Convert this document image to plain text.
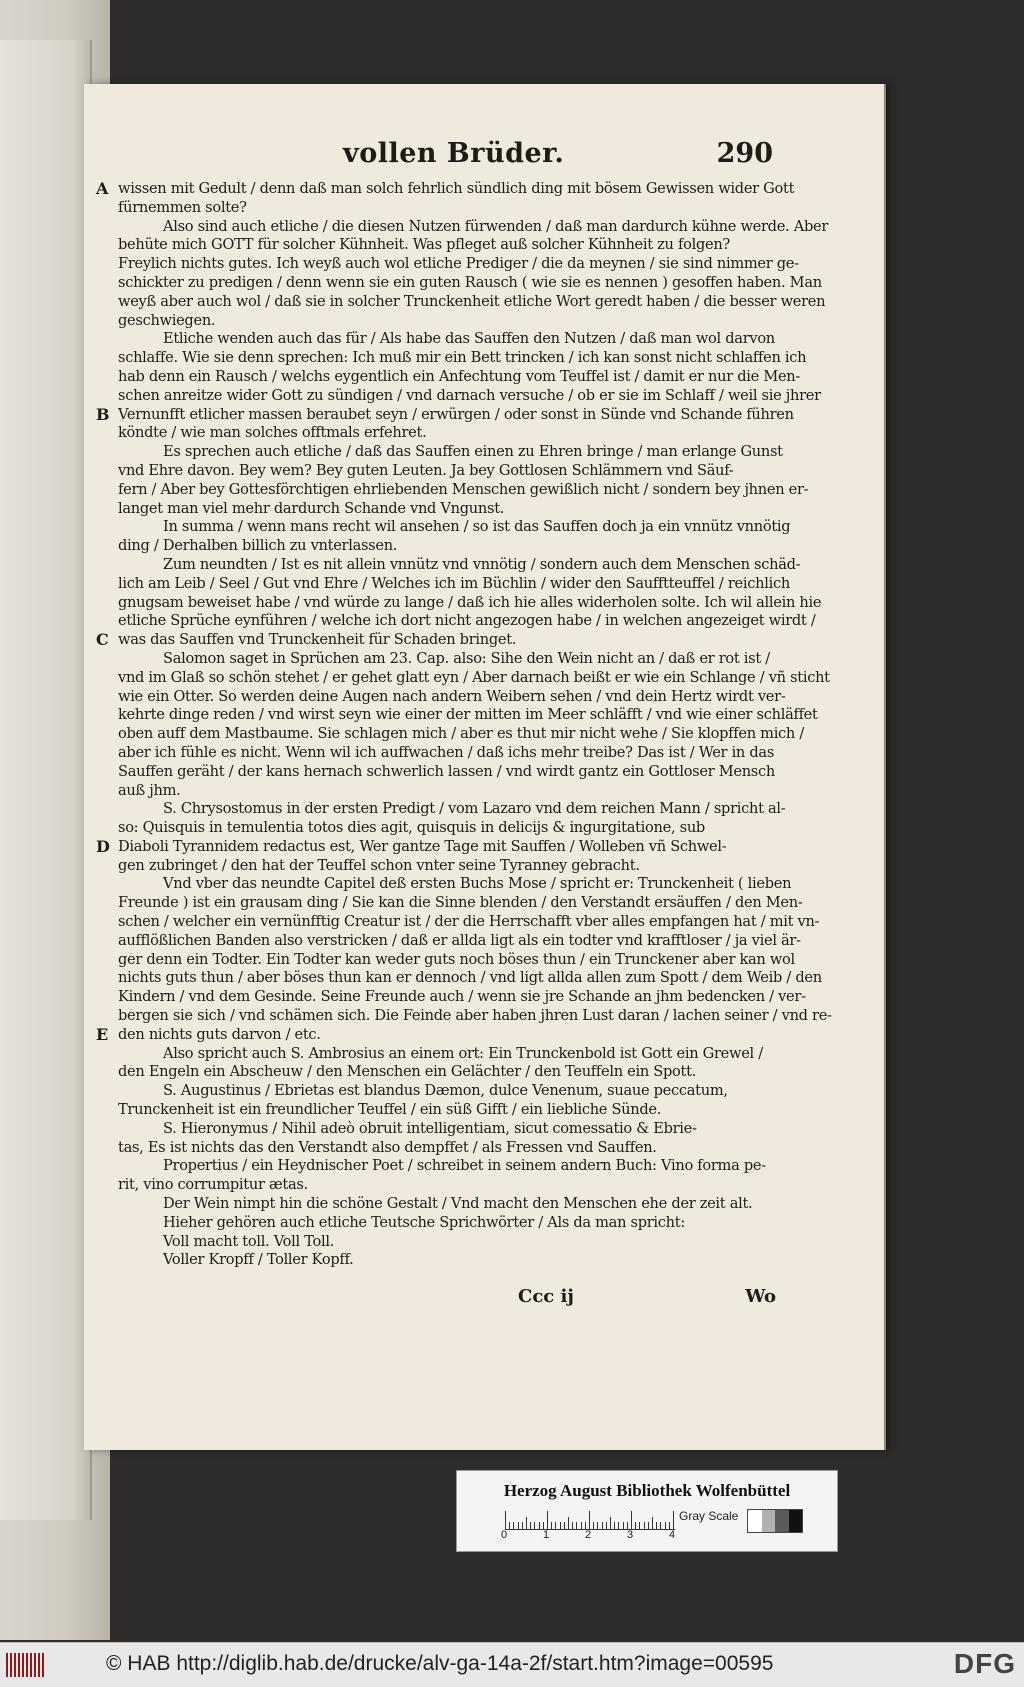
vollen Brüder.	290
wissen mit Gedult / denn daß man solch fehrlich sündlich ding mit bösem Gewissen wider Gott
A
fürnemmen solte?
Also sind auch etliche / die diesen Nutzen fürwenden / daß man dardurch kühne werde. Aber
behüte mich GOTT für solcher Kühnheit. Was pfleget auß solcher Kühnheit zu folgen?
Freylich nichts gutes. Ich weyß auch wol etliche Prediger / die da meynen / sie sind nimmer ge-
schickter zu predigen / denn wenn sie ein guten Rausch ( wie sie es nennen ) gesoffen haben. Man
weyß aber auch wol / daß sie in solcher Trunckenheit etliche Wort geredt haben / die besser weren
geschwiegen.
Etliche wenden auch das für / Als habe das Sauffen den Nutzen / daß man wol darvon
schlaffe. Wie sie denn sprechen: Ich muß mir ein Bett trincken / ich kan sonst nicht schlaffen ich
hab denn ein Rausch / welchs eygentlich ein Anfechtung vom Teuffel ist / damit er nur die Men-
schen anreitze wider Gott zu sündigen / vnd darnach versuche / ob er sie im Schlaff / weil sie jhrer
Vernunfft etlicher massen beraubet seyn / erwürgen / oder sonst in Sünde vnd Schande führen
B
köndte / wie man solches offtmals erfehret.
Es sprechen auch etliche / daß das Sauffen einen zu Ehren bringe / man erlange Gunst
vnd Ehre davon. Bey wem? Bey guten Leuten. Ja bey Gottlosen Schlämmern vnd Säuf-
fern / Aber bey Gottesförchtigen ehrliebenden Menschen gewißlich nicht / sondern bey jhnen er-
langet man viel mehr dardurch Schande vnd Vngunst.
In summa / wenn mans recht wil ansehen / so ist das Sauffen doch ja ein vnnütz vnnötig
ding / Derhalben billich zu vnterlassen.
Zum neundten / Ist es nit allein vnnütz vnd vnnötig / sondern auch dem Menschen schäd-
lich am Leib / Seel / Gut vnd Ehre / Welches ich im Büchlin / wider den Saufftteuffel / reichlich
gnugsam beweiset habe / vnd würde zu lange / daß ich hie alles widerholen solte. Ich wil allein hie
etliche Sprüche eynführen / welche ich dort nicht angezogen habe / in welchen angezeiget wirdt /
was das Sauffen vnd Trunckenheit für Schaden bringet.
C
Salomon saget in Sprüchen am 23. Cap. also: Sihe den Wein nicht an / daß er rot ist /
vnd im Glaß so schön stehet / er gehet glatt eyn / Aber darnach beißt er wie ein Schlange / vñ sticht
wie ein Otter. So werden deine Augen nach andern Weibern sehen / vnd dein Hertz wirdt ver-
kehrte dinge reden / vnd wirst seyn wie einer der mitten im Meer schläfft / vnd wie einer schläffet
oben auff dem Mastbaume. Sie schlagen mich / aber es thut mir nicht wehe / Sie klopffen mich /
aber ich fühle es nicht. Wenn wil ich auffwachen / daß ichs mehr treibe? Das ist / Wer in das
Sauffen geräht / der kans hernach schwerlich lassen / vnd wirdt gantz ein Gottloser Mensch
auß jhm.
S. Chrysostomus in der ersten Predigt / vom Lazaro vnd dem reichen Mann / spricht al-
so: Quisquis in temulentia totos dies agit, quisquis in delicijs & ingurgitatione, sub
Diaboli Tyrannidem redactus est, Wer gantze Tage mit Sauffen / Wolleben vñ Schwel-
D
gen zubringet / den hat der Teuffel schon vnter seine Tyranney gebracht.
Vnd vber das neundte Capitel deß ersten Buchs Mose / spricht er: Trunckenheit ( lieben
Freunde ) ist ein grausam ding / Sie kan die Sinne blenden / den Verstandt ersäuffen / den Men-
schen / welcher ein vernünfftig Creatur ist / der die Herrschafft vber alles empfangen hat / mit vn-
aufflößlichen Banden also verstricken / daß er allda ligt als ein todter vnd krafftloser / ja viel är-
ger denn ein Todter. Ein Todter kan weder guts noch böses thun / ein Trunckener aber kan wol
nichts guts thun / aber böses thun kan er dennoch / vnd ligt allda allen zum Spott / dem Weib / den
Kindern / vnd dem Gesinde. Seine Freunde auch / wenn sie jre Schande an jhm bedencken / ver-
bergen sie sich / vnd schämen sich. Die Feinde aber haben jhren Lust daran / lachen seiner / vnd re-
den nichts guts darvon / etc.
E
Also spricht auch S. Ambrosius an einem ort: Ein Trunckenbold ist Gott ein Grewel /
den Engeln ein Abscheuw / den Menschen ein Gelächter / den Teuffeln ein Spott.
S. Augustinus / Ebrietas est blandus Dæmon, dulce Venenum, suaue peccatum,
Trunckenheit ist ein freundlicher Teuffel / ein süß Gifft / ein liebliche Sünde.
S. Hieronymus / Nihil adeò obruit intelligentiam, sicut comessatio & Ebrie-
tas, Es ist nichts das den Verstandt also dempffet / als Fressen vnd Sauffen.
Propertius / ein Heydnischer Poet / schreibet in seinem andern Buch: Vino forma pe-
rit, vino corrumpitur ætas.
Der Wein nimpt hin die schöne Gestalt / Vnd macht den Menschen ehe der zeit alt.
Hieher gehören auch etliche Teutsche Sprichwörter / Als da man spricht:
Voll macht toll. Voll Toll.
Voller Kropff / Toller Kopff.
Ccc ij	Wo
Herzog August Bibliothek Wolfenbüttel
0	1	2	3	4
Gray Scale
© HAB http://diglib.hab.de/drucke/alv-ga-14a-2f/start.htm?image=00595	DFG
